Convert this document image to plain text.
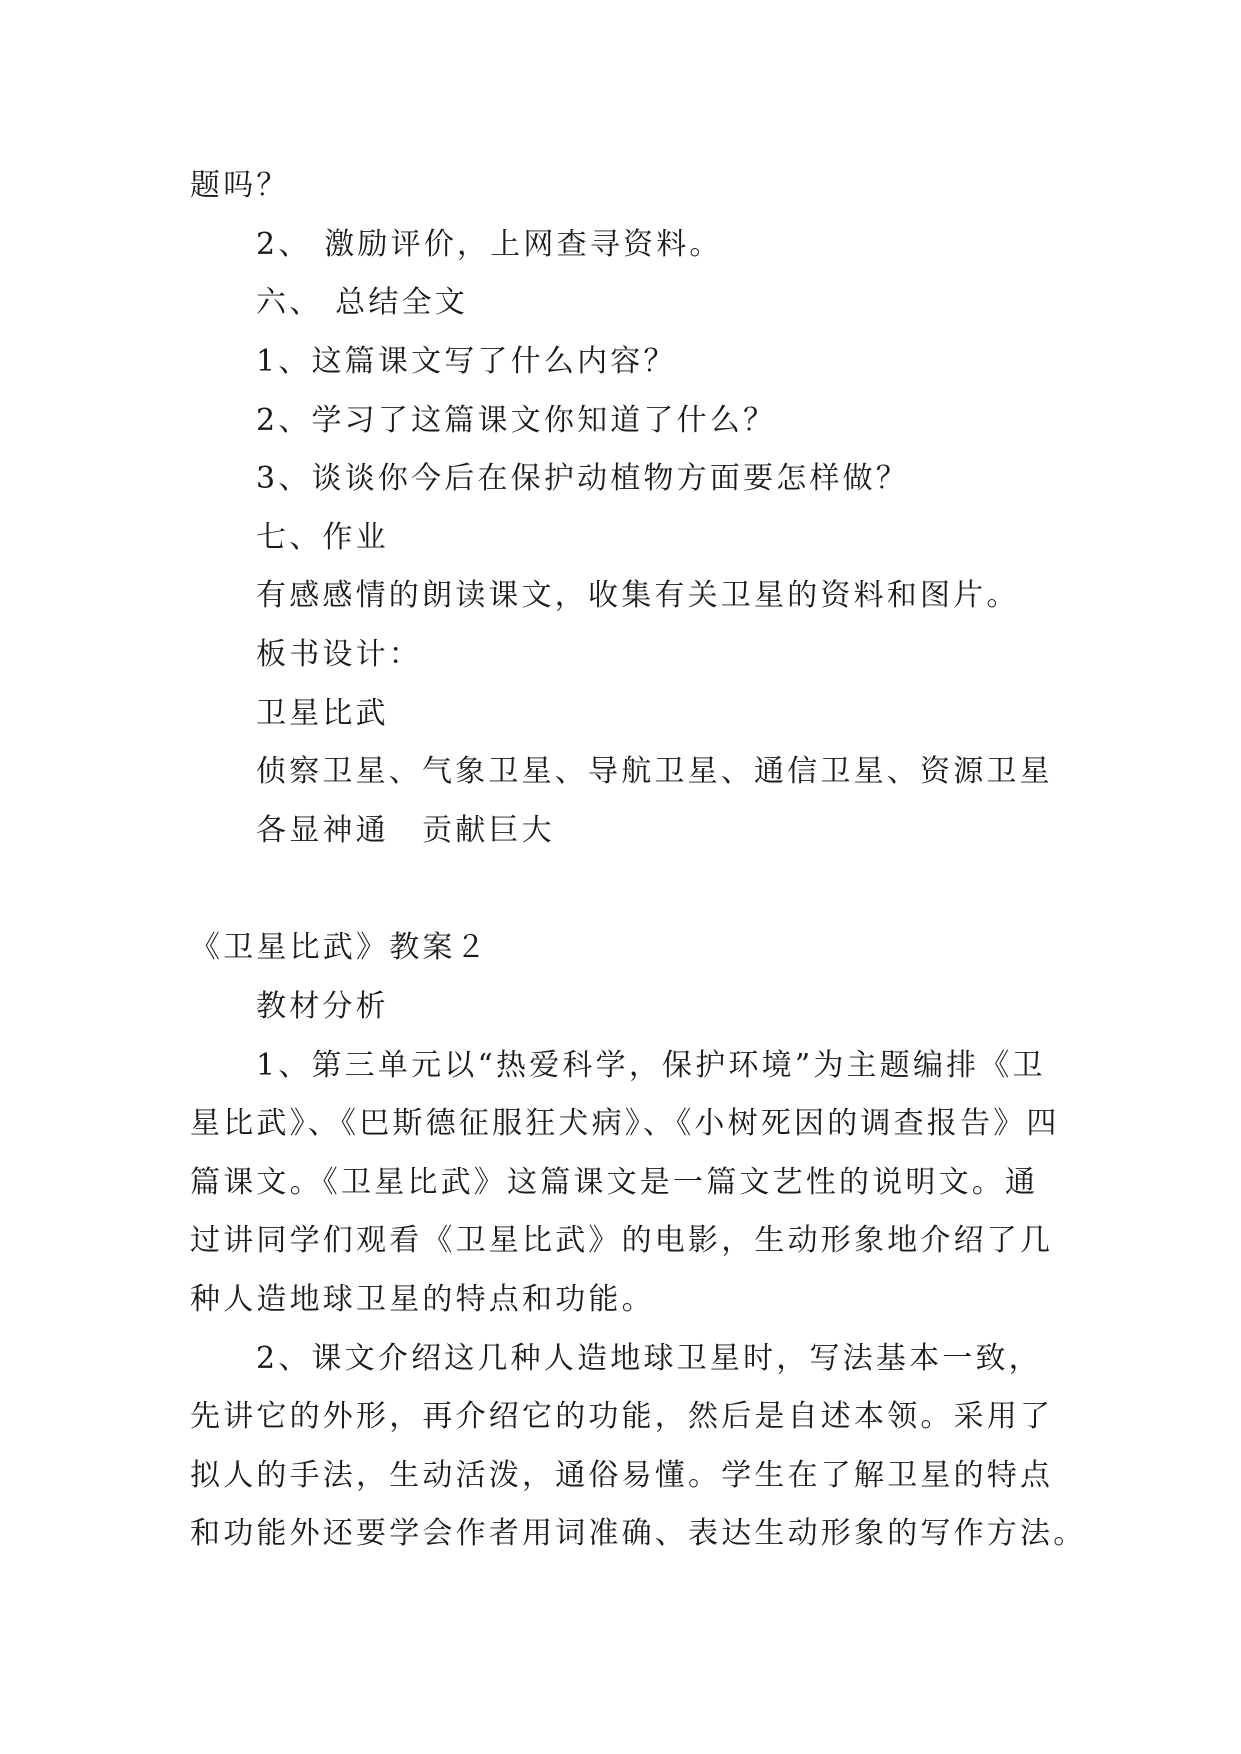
题吗？
2、 激励评价，上网查寻资料。
六、 总结全文
1、这篇课文写了什么内容？
2、学习了这篇课文你知道了什么？
3、谈谈你今后在保护动植物方面要怎样做？
七、作业
有感感情的朗读课文，收集有关卫星的资料和图片。
板书设计：
卫星比武
侦察卫星、气象卫星、导航卫星、通信卫星、资源卫星
各显神通　贡献巨大
《卫星比武》教案２
教材分析
1、第三单元以“热爱科学，保护环境”为主题编排《卫
星比武》、《巴斯德征服狂犬病》、《小树死因的调查报告》四
篇课文。《卫星比武》这篇课文是一篇文艺性的说明文。通
过讲同学们观看《卫星比武》的电影，生动形象地介绍了几
种人造地球卫星的特点和功能。
2、课文介绍这几种人造地球卫星时，写法基本一致，
先讲它的外形，再介绍它的功能，然后是自述本领。采用了
拟人的手法，生动活泼，通俗易懂。学生在了解卫星的特点
和功能外还要学会作者用词准确、表达生动形象的写作方法。
